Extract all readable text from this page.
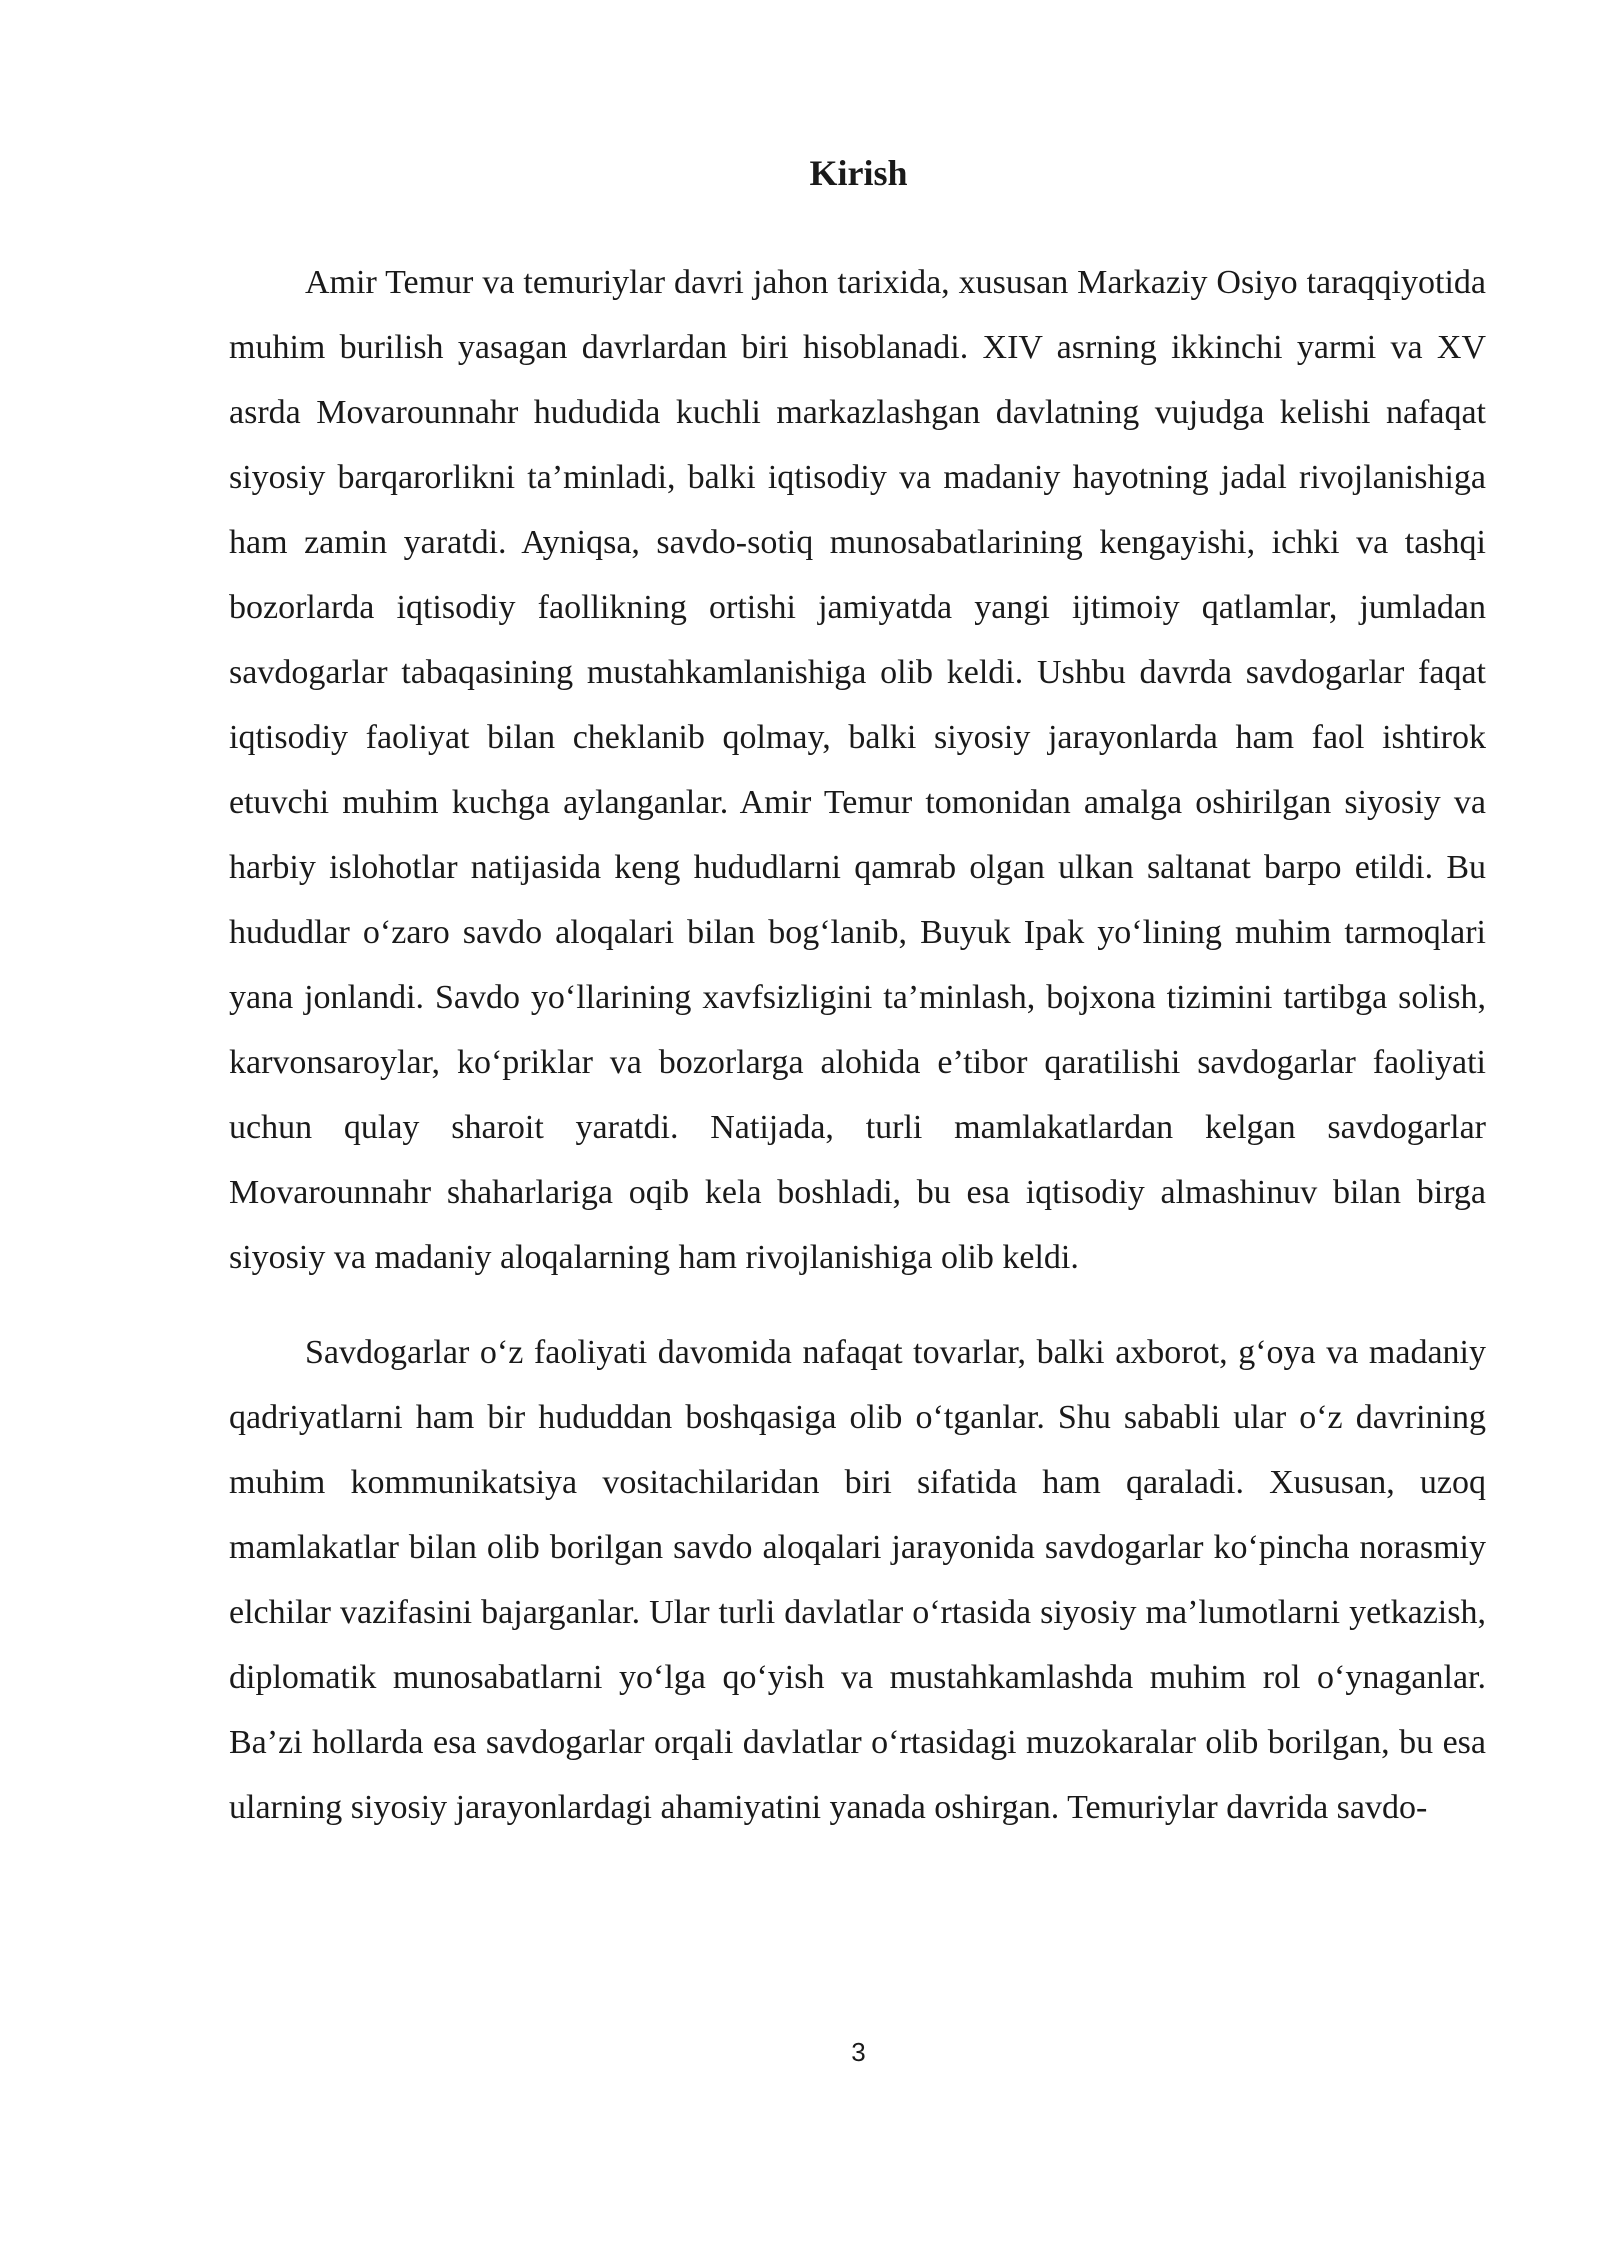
Kirish

Amir Temur va temuriylar davri jahon tarixida, xususan Markaziy Osiyo taraqqiyotida muhim burilish yasagan davrlardan biri hisoblanadi. XIV asrning ikkinchi yarmi va XV asrda Movarounnahr hududida kuchli markazlashgan davlatning vujudga kelishi nafaqat siyosiy barqarorlikni ta’minladi, balki iqtisodiy va madaniy hayotning jadal rivojlanishiga ham zamin yaratdi. Ayniqsa, savdo-sotiq munosabatlarining kengayishi, ichki va tashqi bozorlarda iqtisodiy faollikning ortishi jamiyatda yangi ijtimoiy qatlamlar, jumladan savdogarlar tabaqasining mustahkamlanishiga olib keldi. Ushbu davrda savdogarlar faqat iqtisodiy faoliyat bilan cheklanib qolmay, balki siyosiy jarayonlarda ham faol ishtirok etuvchi muhim kuchga aylanganlar. Amir Temur tomonidan amalga oshirilgan siyosiy va harbiy islohotlar natijasida keng hududlarni qamrab olgan ulkan saltanat barpo etildi. Bu hududlar o‘zaro savdo aloqalari bilan bog‘lanib, Buyuk Ipak yo‘lining muhim tarmoqlari yana jonlandi. Savdo yo‘llarining xavfsizligini ta’minlash, bojxona tizimini tartibga solish, karvonsaroylar, ko‘priklar va bozorlarga alohida e’tibor qaratilishi savdogarlar faoliyati uchun qulay sharoit yaratdi. Natijada, turli mamlakatlardan kelgan savdogarlar Movarounnahr shaharlariga oqib kela boshladi, bu esa iqtisodiy almashinuv bilan birga siyosiy va madaniy aloqalarning ham rivojlanishiga olib keldi.

Savdogarlar o‘z faoliyati davomida nafaqat tovarlar, balki axborot, g‘oya va madaniy qadriyatlarni ham bir hududdan boshqasiga olib o‘tganlar. Shu sababli ular o‘z davrining muhim kommunikatsiya vositachilaridan biri sifatida ham qaraladi. Xususan, uzoq mamlakatlar bilan olib borilgan savdo aloqalari jarayonida savdogarlar ko‘pincha norasmiy elchilar vazifasini bajarganlar. Ular turli davlatlar o‘rtasida siyosiy ma’lumotlarni yetkazish, diplomatik munosabatlarni yo‘lga qo‘yish va mustahkamlashda muhim rol o‘ynaganlar. Ba’zi hollarda esa savdogarlar orqali davlatlar o‘rtasidagi muzokaralar olib borilgan, bu esa ularning siyosiy jarayonlardagi ahamiyatini yanada oshirgan. Temuriylar davrida savdo-

3
